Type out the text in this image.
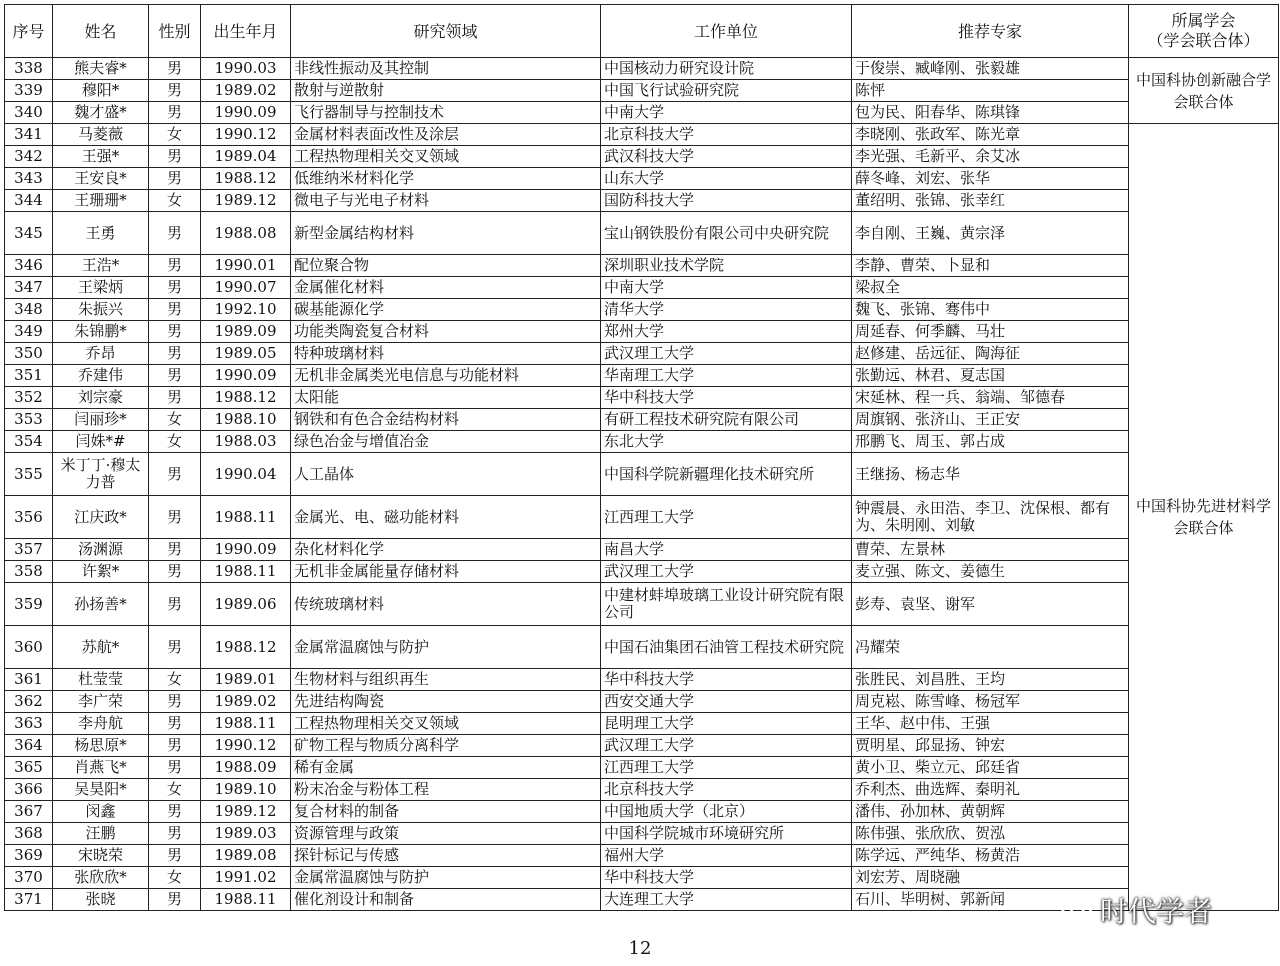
序号	姓名	性别	出生年月	研究领域	工作单位	推荐专家	所属学会
（学会联合体）
338	熊夫睿*	男	1990.03	非线性振动及其控制	中国核动力研究设计院	于俊崇、臧峰刚、张毅雄	中国科协创新融合学会联合体
339	穆阳*	男	1989.02	散射与逆散射	中国飞行试验研究院	陈怦	
340	魏才盛*	男	1990.09	飞行器制导与控制技术	中南大学	包为民、阳春华、陈琪锋	
341	马菱薇	女	1990.12	金属材料表面改性及涂层	北京科技大学	李晓刚、张政军、陈光章	中国科协先进材料学会联合体
342	王强*	男	1989.04	工程热物理相关交叉领域	武汉科技大学	李光强、毛新平、余艾冰	
343	王安良*	男	1988.12	低维纳米材料化学	山东大学	薛冬峰、刘宏、张华	
344	王珊珊*	女	1989.12	微电子与光电子材料	国防科技大学	董绍明、张锦、张幸红	
345	王勇	男	1988.08	新型金属结构材料	宝山钢铁股份有限公司中央研究院	李自刚、王巍、黄宗泽	
346	王浩*	男	1990.01	配位聚合物	深圳职业技术学院	李静、曹荣、卜显和	
347	王梁炳	男	1990.07	金属催化材料	中南大学	梁叔全	
348	朱振兴	男	1992.10	碳基能源化学	清华大学	魏飞、张锦、骞伟中	
349	朱锦鹏*	男	1989.09	功能类陶瓷复合材料	郑州大学	周延春、何季麟、马壮	
350	乔昂	男	1989.05	特种玻璃材料	武汉理工大学	赵修建、岳远征、陶海征	
351	乔建伟	男	1990.09	无机非金属类光电信息与功能材料	华南理工大学	张勤远、林君、夏志国	
352	刘宗豪	男	1988.12	太阳能	华中科技大学	宋延林、程一兵、翁端、邹德春	
353	闫丽珍*	女	1988.10	钢铁和有色合金结构材料	有研工程技术研究院有限公司	周旗钢、张济山、王正安	
354	闫姝*#	女	1988.03	绿色冶金与增值冶金	东北大学	邢鹏飞、周玉、郭占成	
355	米丁丁·穆太力普	男	1990.04	人工晶体	中国科学院新疆理化技术研究所	王继扬、杨志华	
356	江庆政*	男	1988.11	金属光、电、磁功能材料	江西理工大学	钟震晨、永田浩、李卫、沈保根、都有为、朱明刚、刘敏	
357	汤渊源	男	1990.09	杂化材料化学	南昌大学	曹荣、左景林	
358	许絮*	男	1988.11	无机非金属能量存储材料	武汉理工大学	麦立强、陈文、姜德生	
359	孙扬善*	男	1989.06	传统玻璃材料	中建材蚌埠玻璃工业设计研究院有限公司	彭寿、袁坚、谢军	
360	苏航*	男	1988.12	金属常温腐蚀与防护	中国石油集团石油管工程技术研究院	冯耀荣	
361	杜莹莹	女	1989.01	生物材料与组织再生	华中科技大学	张胜民、刘昌胜、王均	
362	李广荣	男	1989.02	先进结构陶瓷	西安交通大学	周克崧、陈雪峰、杨冠军	
363	李舟航	男	1988.11	工程热物理相关交叉领域	昆明理工大学	王华、赵中伟、王强	
364	杨思原*	男	1990.12	矿物工程与物质分离科学	武汉理工大学	贾明星、邱显扬、钟宏	
365	肖燕飞*	男	1988.09	稀有金属	江西理工大学	黄小卫、柴立元、邱廷省	
366	吴昊阳*	女	1989.10	粉末冶金与粉体工程	北京科技大学	乔利杰、曲选辉、秦明礼	
367	闵鑫	男	1989.12	复合材料的制备	中国地质大学（北京）	潘伟、孙加林、黄朝辉	
368	汪鹏	男	1989.03	资源管理与政策	中国科学院城市环境研究所	陈伟强、张欣欣、贺泓	
369	宋晓荣	男	1989.08	探针标记与传感	福州大学	陈学远、严纯华、杨黄浩	
370	张欣欣*	女	1991.02	金属常温腐蚀与防护	华中科技大学	刘宏芳、周晓融	
371	张晓	男	1988.11	催化剂设计和制备	大连理工大学	石川、毕明树、郭新闻	
12
时代学者
